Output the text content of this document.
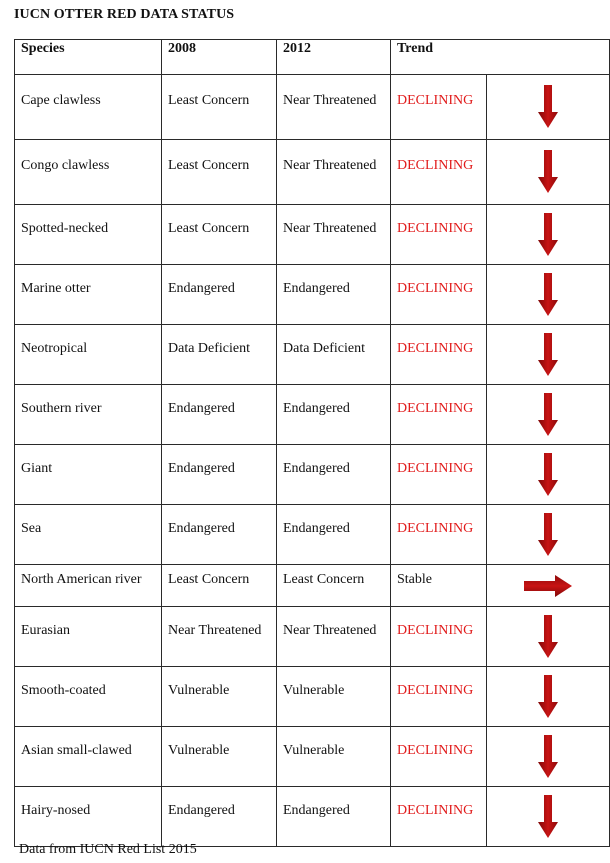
IUCN OTTER RED DATA STATUS
Species	2008	2012	Trend	
Cape clawless	Least Concern	Near Threatened	DECLINING	

Congo clawless	Least Concern	Near Threatened	DECLINING	

Spotted-necked	Least Concern	Near Threatened	DECLINING	

Marine otter	Endangered	Endangered	DECLINING	

Neotropical	Data Deficient	Data Deficient	DECLINING	

Southern river	Endangered	Endangered	DECLINING	

Giant	Endangered	Endangered	DECLINING	

Sea	Endangered	Endangered	DECLINING	

North American river	Least Concern	Least Concern	Stable	

Eurasian	Near Threatened	Near Threatened	DECLINING	

Smooth-coated	Vulnerable	Vulnerable	DECLINING	

Asian small-clawed	Vulnerable	Vulnerable	DECLINING	

Hairy-nosed	Endangered	Endangered	DECLINING	
Data from IUCN Red List 2015
